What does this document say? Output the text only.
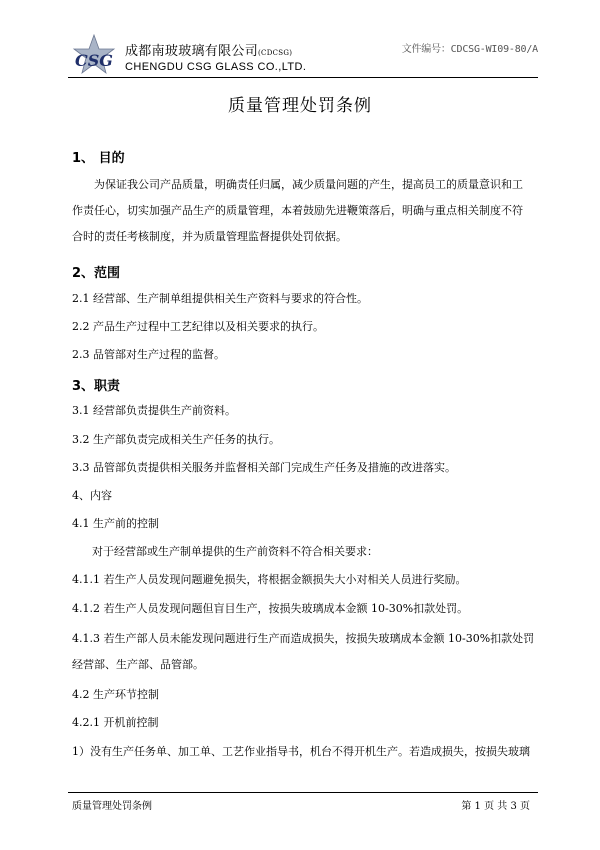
CSG 成都南玻玻璃有限公司(CDCSG)
CHENGDU CSG GLASS CO.,LTD.
文件编号：CDCSG-WI09-80/A
质量管理处罚条例
1、 目的
为保证我公司产品质量，明确责任归属，减少质量问题的产生，提高员工的质量意识和工
作责任心，切实加强产品生产的质量管理，本着鼓励先进鞭策落后，明确与重点相关制度不符
合时的责任考核制度，并为质量管理监督提供处罚依据。
2、范围
2.1 经营部、生产制单组提供相关生产资料与要求的符合性。
2.2 产品生产过程中工艺纪律以及相关要求的执行。
2.3 品管部对生产过程的监督。
3、职责
3.1 经营部负责提供生产前资料。
3.2 生产部负责完成相关生产任务的执行。
3.3 品管部负责提供相关服务并监督相关部门完成生产任务及措施的改进落实。
4、内容
4.1 生产前的控制
对于经营部或生产制单提供的生产前资料不符合相关要求：
4.1.1 若生产人员发现问题避免损失，将根据金额损失大小对相关人员进行奖励。
4.1.2 若生产人员发现问题但盲目生产，按损失玻璃成本金额 10-30%扣款处罚。
4.1.3 若生产部人员未能发现问题进行生产而造成损失，按损失玻璃成本金额 10-30%扣款处罚
经营部、生产部、品管部。
4.2 生产环节控制
4.2.1 开机前控制
1）没有生产任务单、加工单、工艺作业指导书，机台不得开机生产。若造成损失，按损失玻璃
质量管理处罚条例	第 1 页 共 3 页
